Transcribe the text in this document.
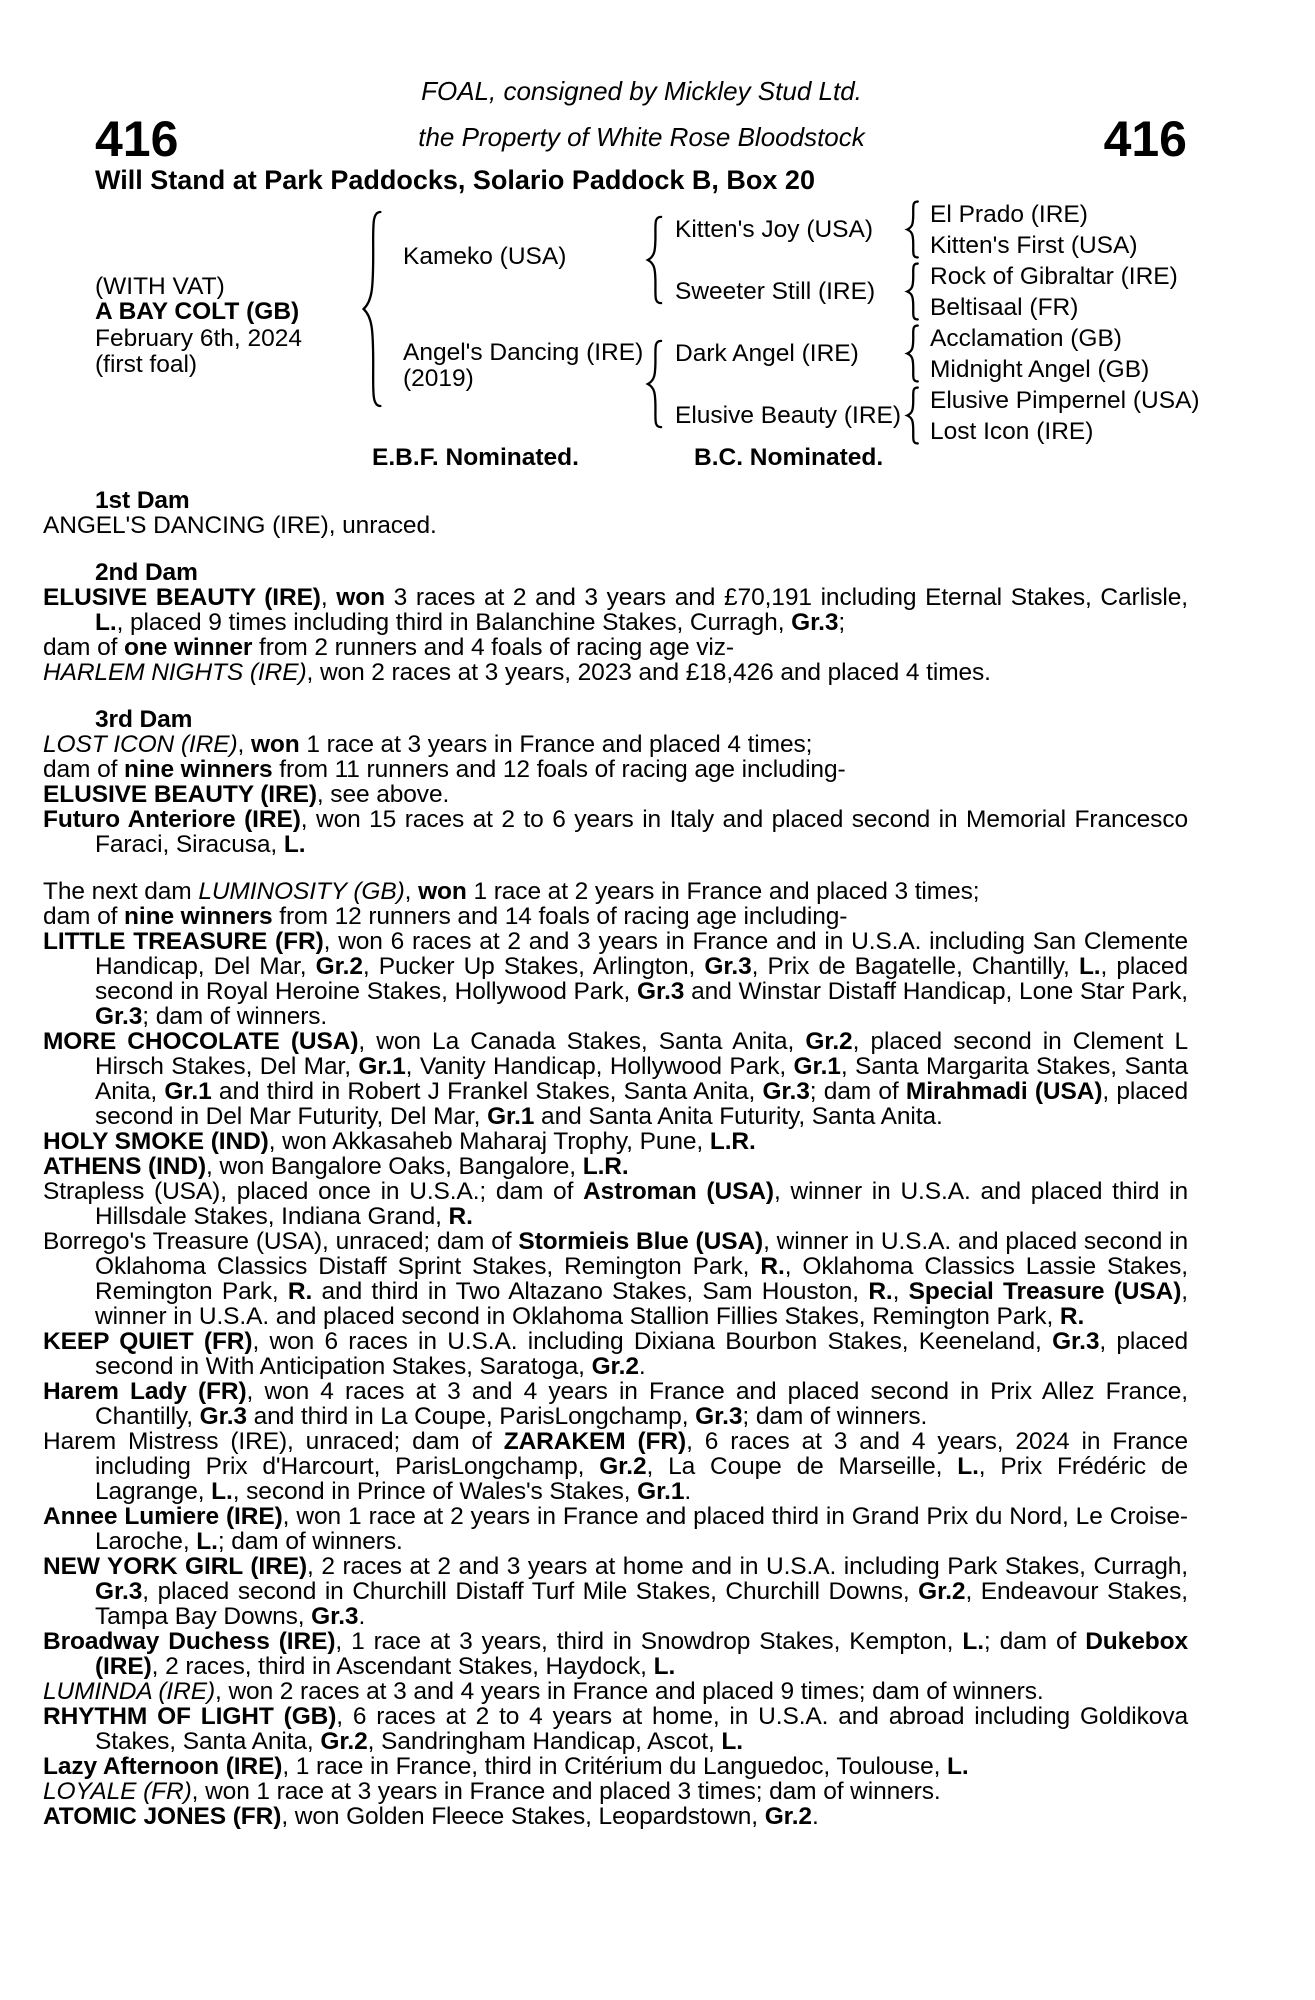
FOAL, consigned by Mickley Stud Ltd.
the Property of White Rose Bloodstock
416	416
Will Stand at Park Paddocks, Solario Paddock B, Box 20
(WITH VAT)
A BAY COLT (GB)
February 6th, 2024
(first foal)
Kameko (USA)
Angel's Dancing (IRE)
(2019)
Kitten's Joy (USA)
Sweeter Still (IRE)
Dark Angel (IRE)
Elusive Beauty (IRE)
El Prado (IRE)
Kitten's First (USA)
Rock of Gibraltar (IRE)
Beltisaal (FR)
Acclamation (GB)
Midnight Angel (GB)
Elusive Pimpernel (USA)
Lost Icon (IRE)
E.B.F. Nominated.	B.C. Nominated.
1st Dam

ANGEL'S DANCING (IRE), unraced.

2nd Dam

ELUSIVE BEAUTY (IRE), won 3 races at 2 and 3 years and £70,191 including Eternal Stakes, Carlisle, L., placed 9 times including third in Balanchine Stakes, Curragh, Gr.3;

dam of one winner from 2 runners and 4 foals of racing age viz-

HARLEM NIGHTS (IRE), won 2 races at 3 years, 2023 and £18,426 and placed 4 times.

3rd Dam

LOST ICON (IRE), won 1 race at 3 years in France and placed 4 times;

dam of nine winners from 11 runners and 12 foals of racing age including-

ELUSIVE BEAUTY (IRE), see above.

Futuro Anteriore (IRE), won 15 races at 2 to 6 years in Italy and placed second in Memorial Francesco Faraci, Siracusa, L.

The next dam LUMINOSITY (GB), won 1 race at 2 years in France and placed 3 times;

dam of nine winners from 12 runners and 14 foals of racing age including-

LITTLE TREASURE (FR), won 6 races at 2 and 3 years in France and in U.S.A. including San Clemente Handicap, Del Mar, Gr.2, Pucker Up Stakes, Arlington, Gr.3, Prix de Bagatelle, Chantilly, L., placed second in Royal Heroine Stakes, Hollywood Park, Gr.3 and Winstar Distaff Handicap, Lone Star Park, Gr.3; dam of winners.

MORE CHOCOLATE (USA), won La Canada Stakes, Santa Anita, Gr.2, placed second in Clement L Hirsch Stakes, Del Mar, Gr.1, Vanity Handicap, Hollywood Park, Gr.1, Santa Margarita Stakes, Santa Anita, Gr.1 and third in Robert J Frankel Stakes, Santa Anita, Gr.3; dam of Mirahmadi (USA), placed second in Del Mar Futurity, Del Mar, Gr.1 and Santa Anita Futurity, Santa Anita.

HOLY SMOKE (IND), won Akkasaheb Maharaj Trophy, Pune, L.R.

ATHENS (IND), won Bangalore Oaks, Bangalore, L.R.

Strapless (USA), placed once in U.S.A.; dam of Astroman (USA), winner in U.S.A. and placed third in Hillsdale Stakes, Indiana Grand, R.

Borrego's Treasure (USA), unraced; dam of Stormieis Blue (USA), winner in U.S.A. and placed second in Oklahoma Classics Distaff Sprint Stakes, Remington Park, R., Oklahoma Classics Lassie Stakes, Remington Park, R. and third in Two Altazano Stakes, Sam Houston, R., Special Treasure (USA), winner in U.S.A. and placed second in Oklahoma Stallion Fillies Stakes, Remington Park, R.

KEEP QUIET (FR), won 6 races in U.S.A. including Dixiana Bourbon Stakes, Keeneland, Gr.3, placed second in With Anticipation Stakes, Saratoga, Gr.2.

Harem Lady (FR), won 4 races at 3 and 4 years in France and placed second in Prix Allez France, Chantilly, Gr.3 and third in La Coupe, ParisLongchamp, Gr.3; dam of winners.

Harem Mistress (IRE), unraced; dam of ZARAKEM (FR), 6 races at 3 and 4 years, 2024 in France including Prix d'Harcourt, ParisLongchamp, Gr.2, La Coupe de Marseille, L., Prix Frédéric de Lagrange, L., second in Prince of Wales's Stakes, Gr.1.

Annee Lumiere (IRE), won 1 race at 2 years in France and placed third in Grand Prix du Nord, Le Croise-Laroche, L.; dam of winners.

NEW YORK GIRL (IRE), 2 races at 2 and 3 years at home and in U.S.A. including Park Stakes, Curragh, Gr.3, placed second in Churchill Distaff Turf Mile Stakes, Churchill Downs, Gr.2, Endeavour Stakes, Tampa Bay Downs, Gr.3.

Broadway Duchess (IRE), 1 race at 3 years, third in Snowdrop Stakes, Kempton, L.; dam of Dukebox (IRE), 2 races, third in Ascendant Stakes, Haydock, L.

LUMINDA (IRE), won 2 races at 3 and 4 years in France and placed 9 times; dam of winners.

RHYTHM OF LIGHT (GB), 6 races at 2 to 4 years at home, in U.S.A. and abroad including Goldikova Stakes, Santa Anita, Gr.2, Sandringham Handicap, Ascot, L.

Lazy Afternoon (IRE), 1 race in France, third in Critérium du Languedoc, Toulouse, L.

LOYALE (FR), won 1 race at 3 years in France and placed 3 times; dam of winners.

ATOMIC JONES (FR), won Golden Fleece Stakes, Leopardstown, Gr.2.
